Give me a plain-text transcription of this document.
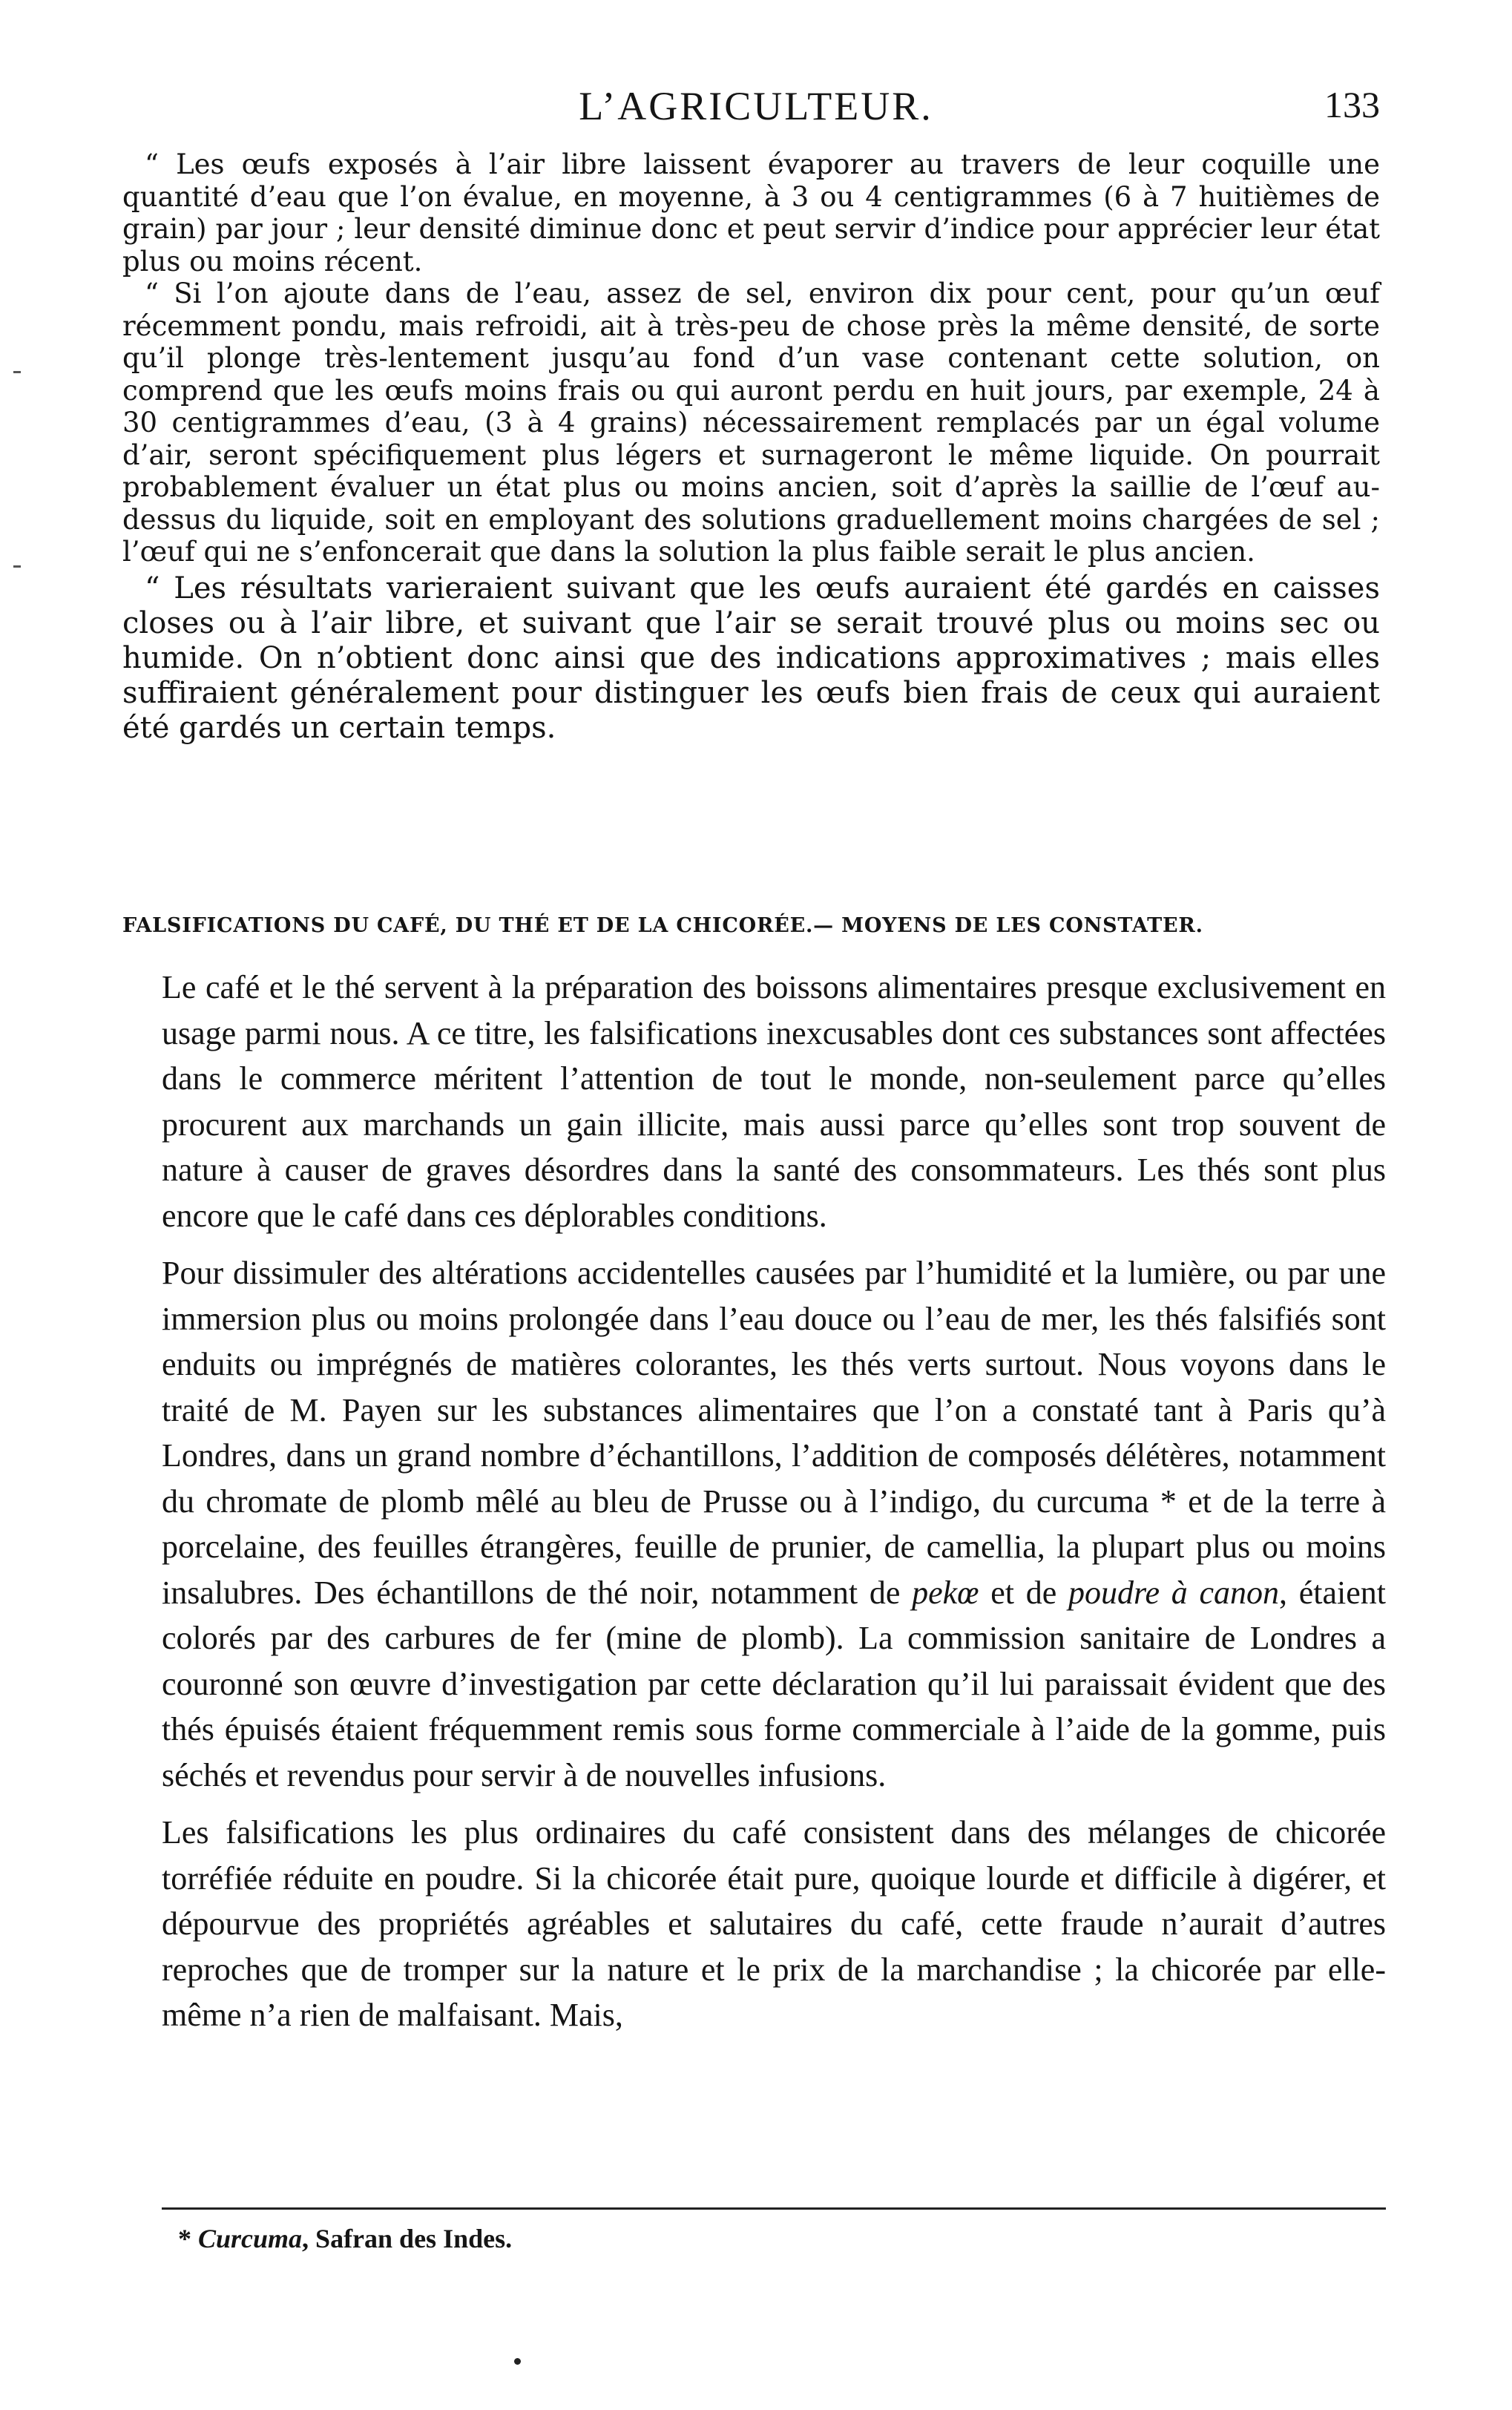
L’AGRICULTEUR.	133

“ Les œufs exposés à l’air libre laissent évaporer au travers de leur coquille une quantité d’eau que l’on évalue, en moyenne, à 3 ou 4 centigrammes (6 à 7 huitièmes de grain) par jour ; leur densité diminue donc et peut servir d’indice pour apprécier leur état plus ou moins récent.

“ Si l’on ajoute dans de l’eau, assez de sel, environ dix pour cent, pour qu’un œuf récemment pondu, mais refroidi, ait à très-peu de chose près la même densité, de sorte qu’il plonge très-lentement jusqu’au fond d’un vase contenant cette solution, on comprend que les œufs moins frais ou qui auront perdu en huit jours, par exemple, 24 à 30 centigrammes d’eau, (3 à 4 grains) nécessairement remplacés par un égal volume d’air, seront spécifiquement plus légers et surnageront le même liquide. On pourrait probablement évaluer un état plus ou moins ancien, soit d’après la saillie de l’œuf au-dessus du liquide, soit en employant des solutions graduellement moins chargées de sel ; l’œuf qui ne s’enfoncerait que dans la solution la plus faible serait le plus ancien.

“ Les résultats varieraient suivant que les œufs auraient été gardés en caisses closes ou à l’air libre, et suivant que l’air se serait trouvé plus ou moins sec ou humide. On n’obtient donc ainsi que des indications approximatives ; mais elles suffiraient généralement pour distinguer les œufs bien frais de ceux qui auraient été gardés un certain temps.

FALSIFICATIONS DU CAFÉ, DU THÉ ET DE LA CHICORÉE.— MOYENS DE LES CONSTATER.

Le café et le thé servent à la préparation des boissons alimentaires presque exclusivement en usage parmi nous. A ce titre, les falsifications inexcusables dont ces substances sont affectées dans le commerce méritent l’attention de tout le monde, non-seulement parce qu’elles procurent aux marchands un gain illicite, mais aussi parce qu’elles sont trop souvent de nature à causer de graves désordres dans la santé des consommateurs. Les thés sont plus encore que le café dans ces déplorables conditions.

Pour dissimuler des altérations accidentelles causées par l’humidité et la lumière, ou par une immersion plus ou moins prolongée dans l’eau douce ou l’eau de mer, les thés falsifiés sont enduits ou imprégnés de matières colorantes, les thés verts surtout. Nous voyons dans le traité de M. Payen sur les substances alimentaires que l’on a constaté tant à Paris qu’à Londres, dans un grand nombre d’échantillons, l’addition de composés délétères, notamment du chromate de plomb mêlé au bleu de Prusse ou à l’indigo, du curcuma * et de la terre à porcelaine, des feuilles étrangères, feuille de prunier, de camellia, la plupart plus ou moins insalubres. Des échantillons de thé noir, notamment de pekœ et de poudre à canon, étaient colorés par des carbures de fer (mine de plomb). La commission sanitaire de Londres a couronné son œuvre d’investigation par cette déclaration qu’il lui paraissait évident que des thés épuisés étaient fréquemment remis sous forme commerciale à l’aide de la gomme, puis séchés et revendus pour servir à de nouvelles infusions.

Les falsifications les plus ordinaires du café consistent dans des mélanges de chicorée torréfiée réduite en poudre. Si la chicorée était pure, quoique lourde et difficile à digérer, et dépourvue des propriétés agréables et salutaires du café, cette fraude n’aurait d’autres reproches que de tromper sur la nature et le prix de la marchandise ; la chicorée par elle-même n’a rien de malfaisant. Mais,

* Curcuma, Safran des Indes.
